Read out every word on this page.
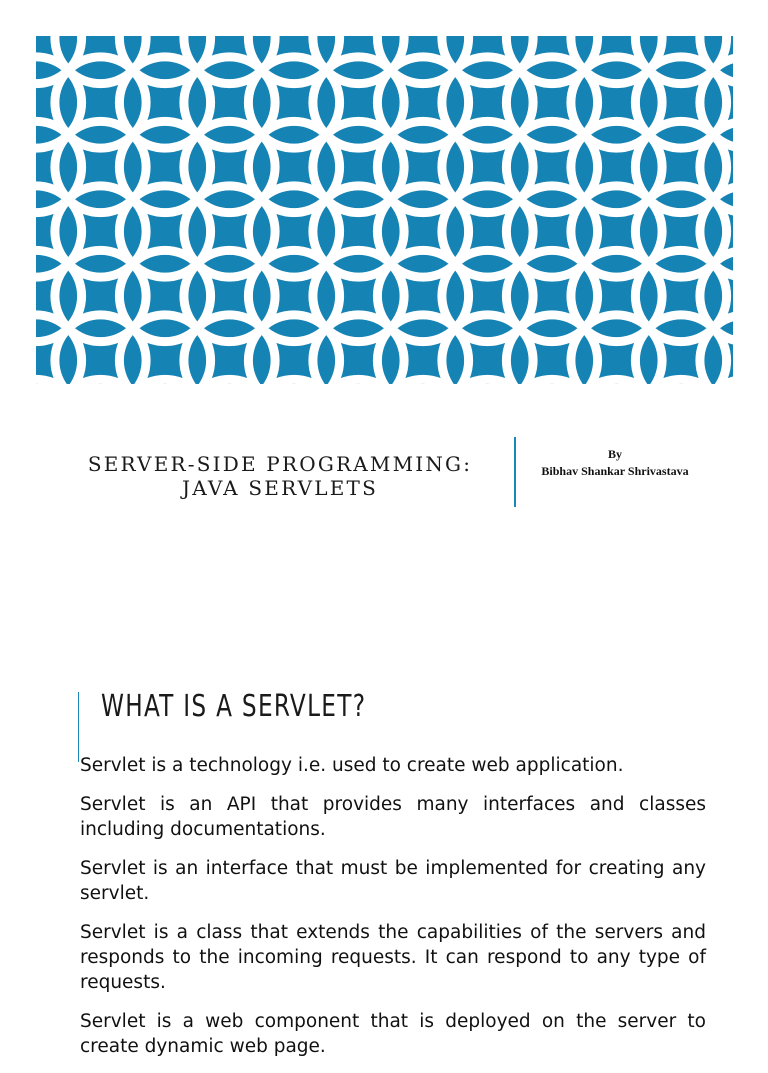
SERVER-SIDE PROGRAMMING:
JAVA SERVLETS
By
Bibhav Shankar Shrivastava
WHAT IS A SERVLET?

Servlet is a technology i.e. used to create web application.

Servlet is an API that provides many interfaces and classes including documentations.

Servlet is an interface that must be implemented for creating any servlet.

Servlet is a class that extends the capabilities of the servers and responds to the incoming requests. It can respond to any type of requests.

Servlet is a web component that is deployed on the server to create dynamic web page.
